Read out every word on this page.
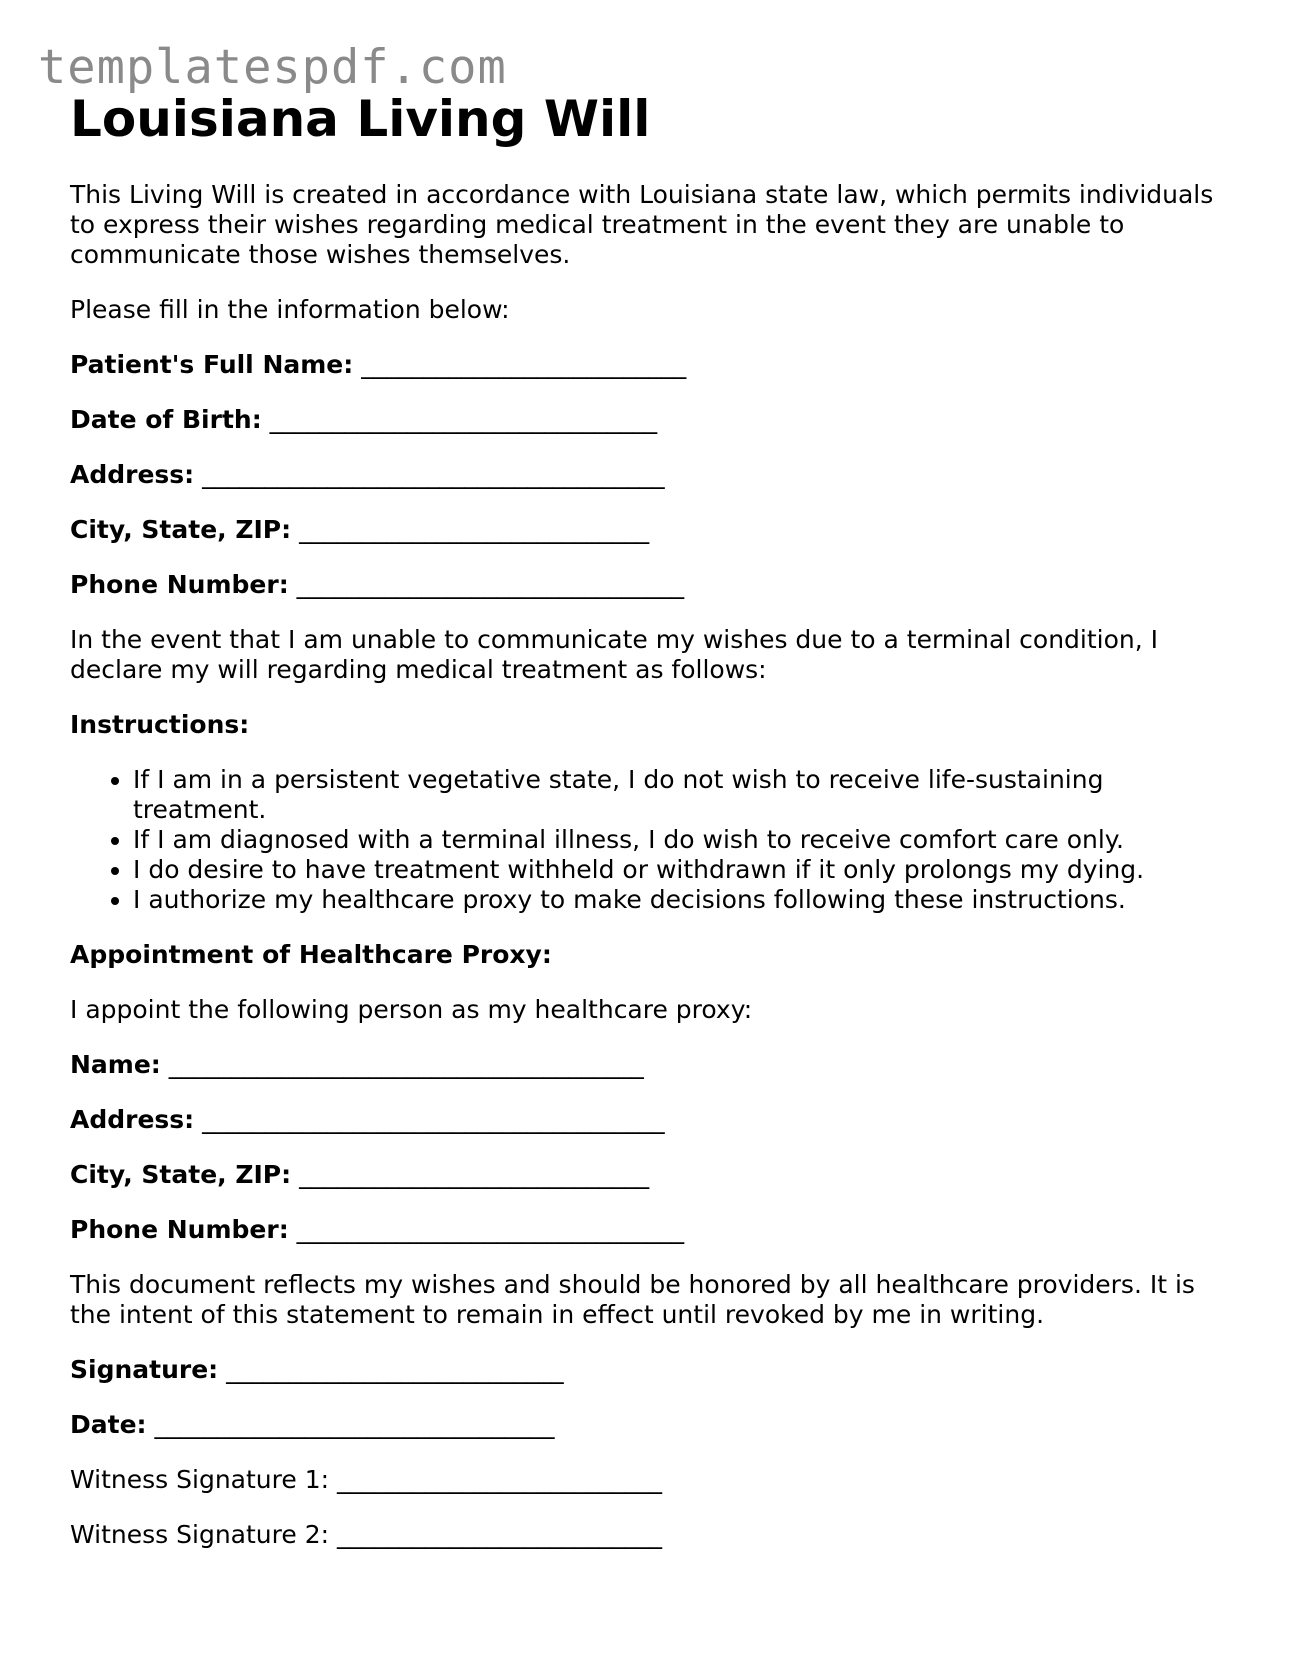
templatespdf.com
Louisiana Living Will

This Living Will is created in accordance with Louisiana state law, which permits individuals to express their wishes regarding medical treatment in the event they are unable to communicate those wishes themselves.

Please fill in the information below:

Patient's Full Name: __________________________
Date of Birth: _______________________________
Address: _____________________________________
City, State, ZIP: ____________________________
Phone Number: _______________________________

In the event that I am unable to communicate my wishes due to a terminal condition, I declare my will regarding medical treatment as follows:

Instructions:
• If I am in a persistent vegetative state, I do not wish to receive life-sustaining treatment.
• If I am diagnosed with a terminal illness, I do wish to receive comfort care only.
• I do desire to have treatment withheld or withdrawn if it only prolongs my dying.
• I authorize my healthcare proxy to make decisions following these instructions.
Appointment of Healthcare Proxy:

I appoint the following person as my healthcare proxy:

Name: ______________________________________
Address: _____________________________________
City, State, ZIP: ____________________________
Phone Number: _______________________________

This document reflects my wishes and should be honored by all healthcare providers. It is the intent of this statement to remain in effect until revoked by me in writing.

Signature: ___________________________
Date: ________________________________
Witness Signature 1: __________________________
Witness Signature 2: __________________________
